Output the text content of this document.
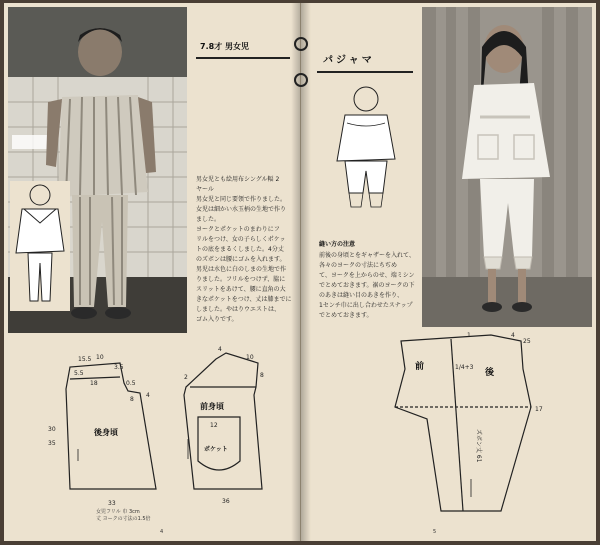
7.8才 男女児

男女児とも絵用布シングル幅 2

ヤール

男女児と同じ要領で作りました。

女児は細かい水玉柄の生地で作り

ました。

ヨークとポケットのまわりにフ

リルをつけ、女の子らしくポケッ

トの底をまるくしました。4分丈

のズボンは腰にゴムを入れます。

男児は水色に白のしまの生地で作

りました。フリルをつけず、脇に

スリットをあけて、腰に直角の大

きなポケットをつけ、丈は膝までに

しました。やはりウエストは、

ゴム入りです。

15.5 10
3.5
5.5
18	0.5
8
4
30
35
33
4
36
10
8
2
12
後身頃
前身頃
ポケット
女児フリル 巾 3cm
丈 ヨークの寸法の1.5倍
4
パジャマ
縫い方の注意

前後の身頃とをギャザーを入れて、

各々のヨークの寸法にちぢめ

て、ヨークを上からのせ、端ミシン

でとめておきます。裾のヨークの下

のあきは縫い目のあきを作り、

1センチ巾に出し合わせたスナップ

でとめておきます。

1	4
25
1/4+3
17
前
後
ズボン丈 61
5
